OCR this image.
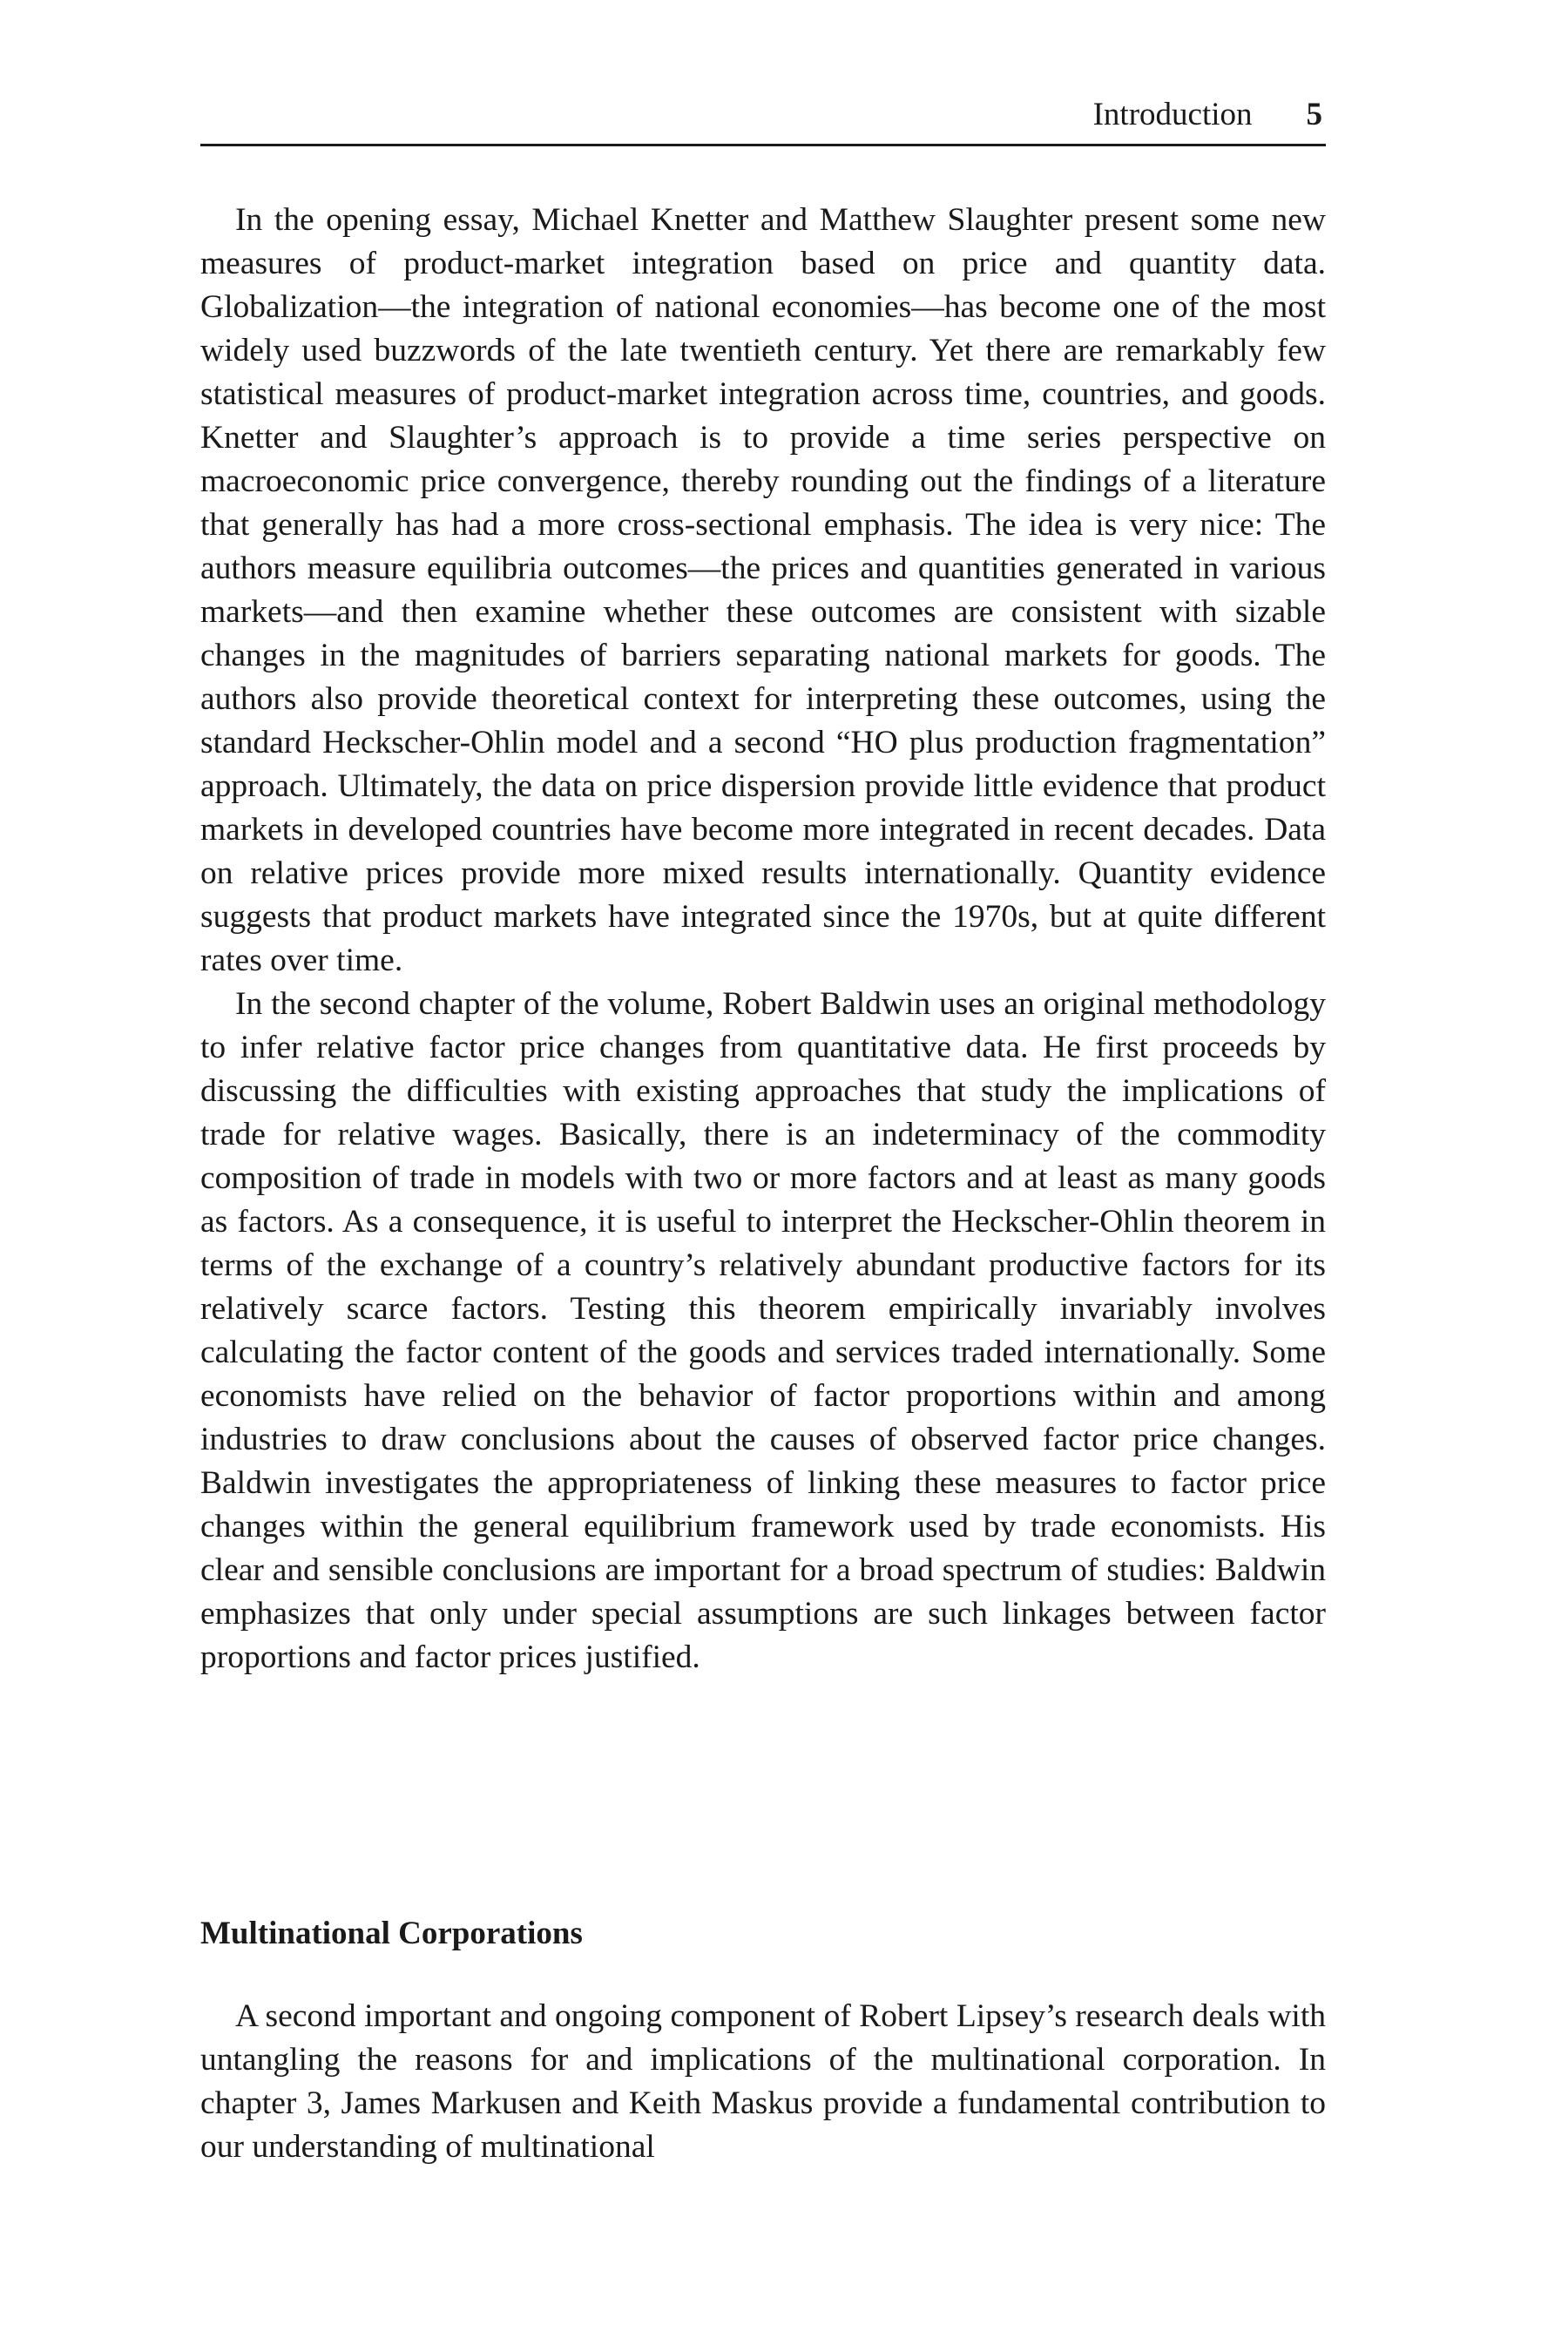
Introduction 5

In the opening essay, Michael Knetter and Matthew Slaughter present some new measures of product-market integration based on price and quantity data. Globalization—the integration of national economies—has become one of the most widely used buzzwords of the late twentieth century. Yet there are remarkably few statistical measures of product-market integration across time, countries, and goods. Knetter and Slaughter’s approach is to provide a time series perspective on macroeconomic price convergence, thereby rounding out the findings of a literature that generally has had a more cross-sectional emphasis. The idea is very nice: The authors measure equilibria outcomes—the prices and quantities generated in various markets—and then examine whether these outcomes are consistent with sizable changes in the magnitudes of barriers separating national markets for goods. The authors also provide theoretical context for interpreting these outcomes, using the standard Heckscher-Ohlin model and a second “HO plus production fragmentation” approach. Ultimately, the data on price dispersion provide little evidence that product markets in developed countries have become more integrated in recent decades. Data on relative prices provide more mixed results internationally. Quantity evidence suggests that product markets have integrated since the 1970s, but at quite different rates over time.

In the second chapter of the volume, Robert Baldwin uses an original methodology to infer relative factor price changes from quantitative data. He first proceeds by discussing the difficulties with existing approaches that study the implications of trade for relative wages. Basically, there is an indeterminacy of the commodity composition of trade in models with two or more factors and at least as many goods as factors. As a consequence, it is useful to interpret the Heckscher-Ohlin theorem in terms of the exchange of a country’s relatively abundant productive factors for its relatively scarce factors. Testing this theorem empirically invariably involves calculating the factor content of the goods and services traded internationally. Some economists have relied on the behavior of factor proportions within and among industries to draw conclusions about the causes of observed factor price changes. Baldwin investigates the appropriateness of linking these measures to factor price changes within the general equilibrium framework used by trade economists. His clear and sensible conclusions are important for a broad spectrum of studies: Baldwin emphasizes that only under special assumptions are such linkages between factor proportions and factor prices justified.

Multinational Corporations

A second important and ongoing component of Robert Lipsey’s research deals with untangling the reasons for and implications of the multinational corporation. In chapter 3, James Markusen and Keith Maskus provide a fundamental contribution to our understanding of multinational
